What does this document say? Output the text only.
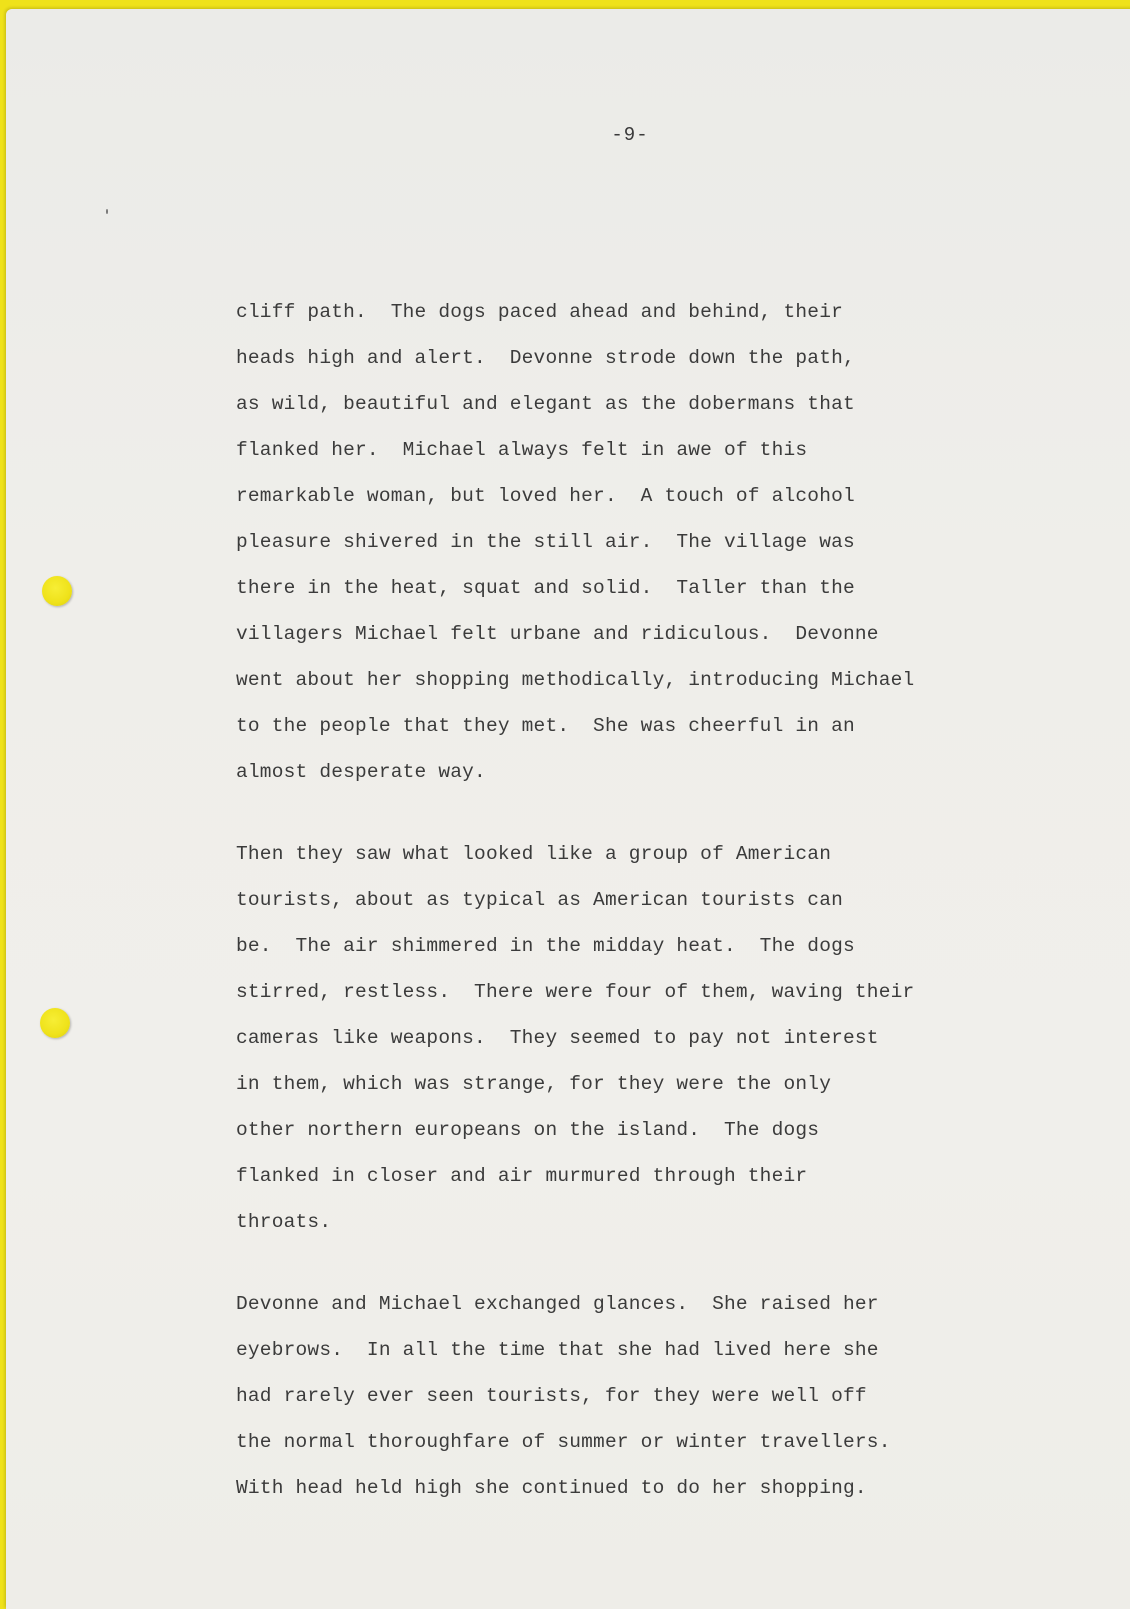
-9-
cliff path.  The dogs paced ahead and behind, their
heads high and alert.  Devonne strode down the path,
as wild, beautiful and elegant as the dobermans that
flanked her.  Michael always felt in awe of this
remarkable woman, but loved her.  A touch of alcohol
pleasure shivered in the still air.  The village was
there in the heat, squat and solid.  Taller than the
villagers Michael felt urbane and ridiculous.  Devonne
went about her shopping methodically, introducing Michael
to the people that they met.  She was cheerful in an
almost desperate way.
Then they saw what looked like a group of American
tourists, about as typical as American tourists can
be.  The air shimmered in the midday heat.  The dogs
stirred, restless.  There were four of them, waving their
cameras like weapons.  They seemed to pay not interest
in them, which was strange, for they were the only
other northern europeans on the island.  The dogs
flanked in closer and air murmured through their
throats.
Devonne and Michael exchanged glances.  She raised her
eyebrows.  In all the time that she had lived here she
had rarely ever seen tourists, for they were well off
the normal thoroughfare of summer or winter travellers.
With head held high she continued to do her shopping.
